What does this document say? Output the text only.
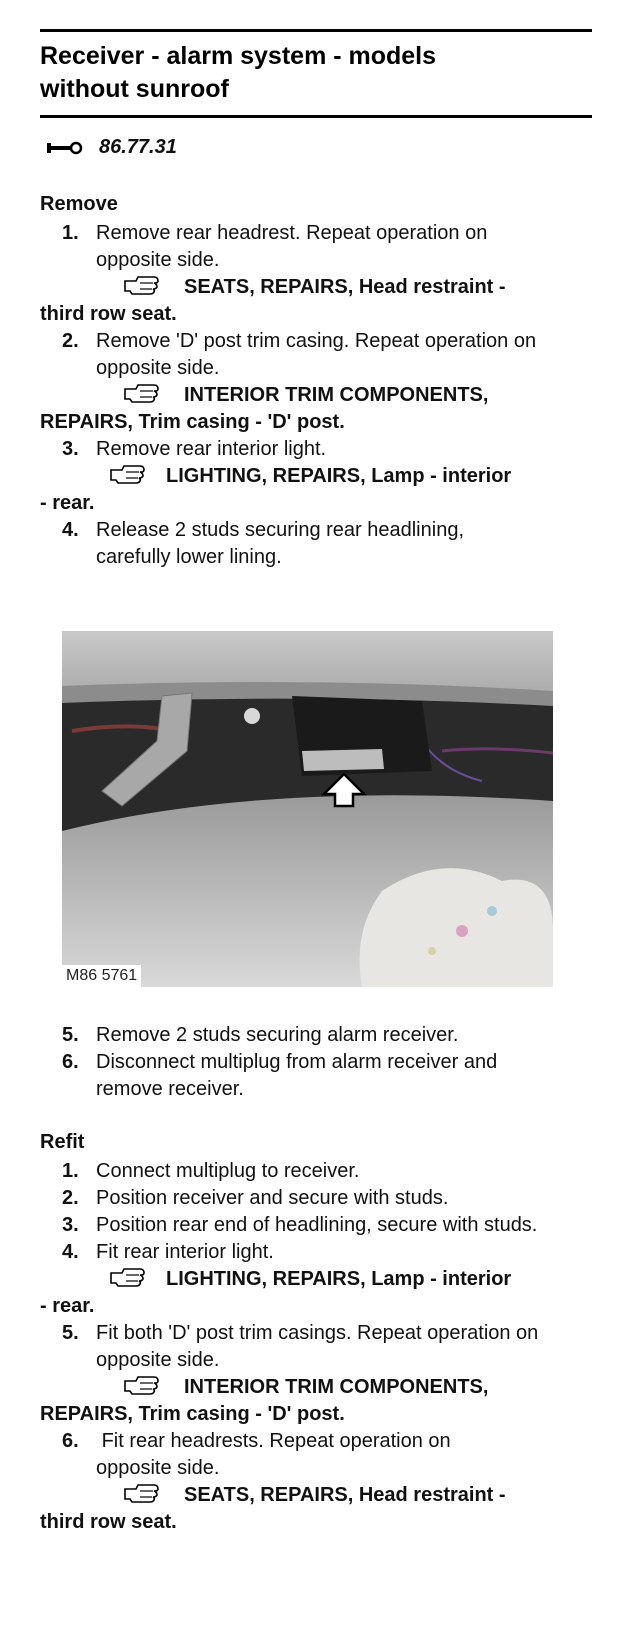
Receiver - alarm system - models
without sunroof
86.77.31
Remove
1. Remove rear headrest. Repeat operation on opposite side.
SEATS, REPAIRS, Head restraint -
third row seat.
2. Remove 'D' post trim casing. Repeat operation on opposite side.
INTERIOR TRIM COMPONENTS,
REPAIRS, Trim casing - 'D' post.
3. Remove rear interior light.
LIGHTING, REPAIRS, Lamp - interior
- rear.
4. Release 2 studs securing rear headlining, carefully lower lining.
M86 5761
5. Remove 2 studs securing alarm receiver.
6. Disconnect multiplug from alarm receiver and remove receiver.
Refit
1. Connect multiplug to receiver.
2. Position receiver and secure with studs.
3. Position rear end of headlining, secure with studs.
4. Fit rear interior light.
LIGHTING, REPAIRS, Lamp - interior
- rear.
5. Fit both 'D' post trim casings. Repeat operation on opposite side.
INTERIOR TRIM COMPONENTS,
REPAIRS, Trim casing - 'D' post.
6. Fit rear headrests. Repeat operation on opposite side.
SEATS, REPAIRS, Head restraint -
third row seat.
